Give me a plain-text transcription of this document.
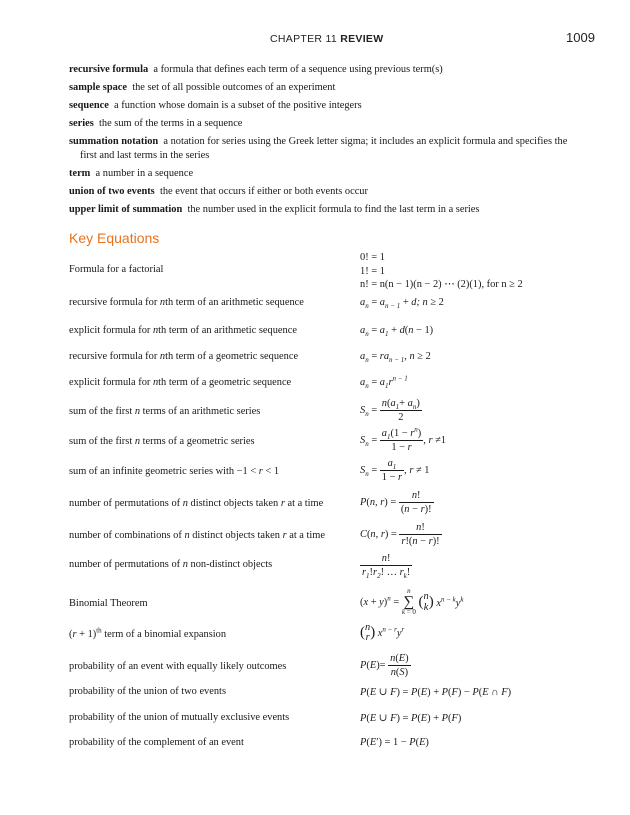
CHAPTER 11 REVIEW	1009
recursive formula a formula that defines each term of a sequence using previous term(s)
sample space the set of all possible outcomes of an experiment
sequence a function whose domain is a subset of the positive integers
series the sum of the terms in a sequence
summation notation a notation for series using the Greek letter sigma; it includes an explicit formula and specifies the
first and last terms in the series
term a number in a sequence
union of two events the event that occurs if either or both events occur
upper limit of summation the number used in the explicit formula to find the last term in a series
Key Equations
Formula for a factorial
0! = 1
1! = 1
n! = n(n − 1)(n − 2) ⋯ (2)(1), for n ≥ 2
recursive formula for nth term of an arithmetic sequence	$a_n = a_{n - 1} + d$; n ≥ 2
explicit formula for nth term of an arithmetic sequence	$a_n = a_1 + d(n - 1)$
recursive formula for nth term of a geometric sequence	$a_n = ra_{n - 1}$, n ≥ 2
explicit formula for nth term of a geometric sequence	$a_n = a_1r^{n - 1}$
sum of the first n terms of an arithmetic series	$S_n = \frac{n(a_1+ a_n)}{2}$
sum of the first n terms of a geometric series	$S_n = \frac{a_1(1 - r^n)}{1 - r}$ , r ≠1
sum of an infinite geometric series with −1 < r < 1	$S_n = \frac{a_1}{1 - r}$ , r ≠ 1
number of permutations of n distinct objects taken r at a time	P(n, $r) = \frac{n!}{(n - r)!}$
number of combinations of n distinct objects taken r at a time	C(n, $r) = \frac{n!}{r!(n - r)!}$
number of permutations of n non-distinct objects	$\frac{n!}{r_1!r_2! \dots r_k!}$
Binomial Theorem	$(x + y)^n$ =
n
∑
k = 0
( n
k ) $x^{n - k}y^k$
$(r + 1)^{th}$ term of a binomial expansion	( n
r ) $x^{n - r}y^r$
probability of an event with equally likely outcomes	$P(E)= \frac{n(E)}{n(S)}$
probability of the union of two events	P(E ∪ F) = P(E) + P(F) − P(E ∩ F)
probability of the union of mutually exclusive events	P(E ∪ F) = P(E) + P(F)
probability of the complement of an event	P(E′) = 1 − P(E)
